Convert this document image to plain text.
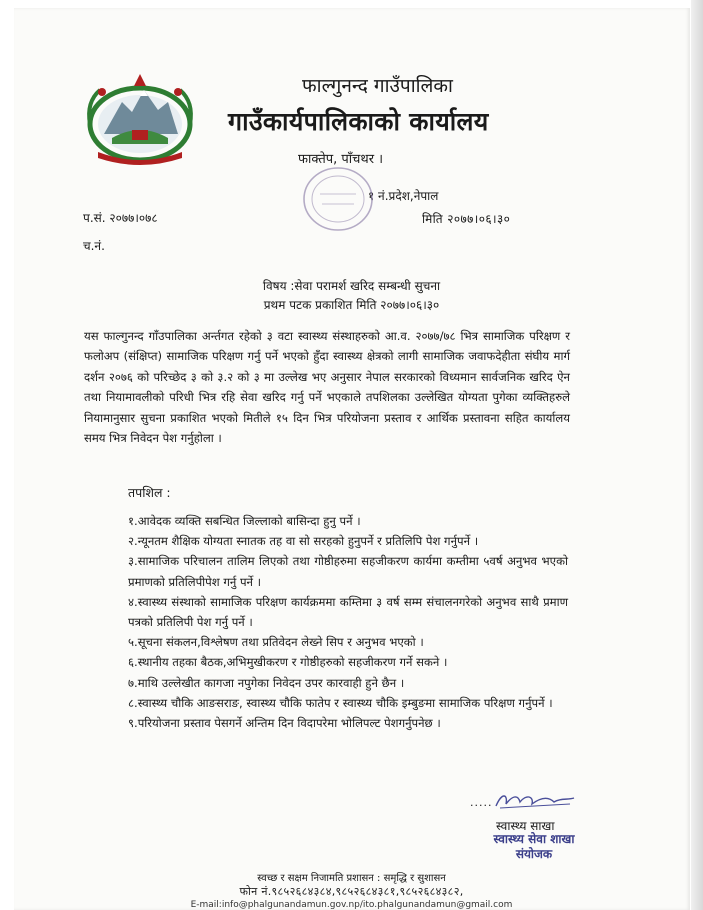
फाल्गुनन्द गाउँपालिका
गाउँकार्यपालिकाको कार्यालय
फाक्तेप, पाँचथर ।
१ नं.प्रदेश,नेपाल
प.सं. २०७७।०७८
च.नं.
मिति २०७७।०६।३०
विषय :सेवा परामर्श खरिद सम्बन्धी सुचना
प्रथम पटक प्रकाशित मिति २०७७।०६।३०
यस फाल्गुनन्द गाँउपालिका अर्न्तगत रहेको ३ वटा स्वास्थ्य संस्थाहरुको आ.व. २०७७/७८ भित्र सामाजिक परिक्षण र फलोअप (संक्षिप्त) सामाजिक परिक्षण गर्नु पर्ने भएको हुँदा स्वास्थ्य क्षेत्रको लागी सामाजिक जवाफदेहीता संघीय मार्ग दर्शन २०७६ को परिच्छेद ३ को ३.२ को ३ मा उल्लेख भए अनुसार नेपाल सरकारको विध्यमान सार्वजनिक खरिद ऐन तथा नियामावलीको परिधी भित्र रहि सेवा खरिद गर्नु पर्ने भएकाले तपशिलका उल्लेखित योग्यता पुगेका व्यक्तिहरुले नियामानुसार सुचना प्रकाशित भएको मितीले १५ दिन भित्र परियोजना प्रस्ताव र आर्थिक प्रस्तावना सहित कार्यालय समय भित्र निवेदन पेश गर्नुहोला ।
तपशिल :
१.आवेदक व्यक्ति सबन्धित जिल्लाको बासिन्दा हुनु पर्ने ।
२.न्यूनतम शैक्षिक योग्यता स्नातक तह वा सो सरहको हुनुपर्ने र प्रतिलिपि पेश गर्नुपर्ने ।
३.सामाजिक परिचालन तालिम लिएको तथा गोष्ठीहरुमा सहजीकरण कार्यमा कम्तीमा ५वर्ष अनुभव भएको प्रमाणको प्रतिलिपीपेश गर्नु पर्ने ।
४.स्वास्थ्य संस्थाको सामाजिक परिक्षण कार्यक्रममा कम्तिमा ३ वर्ष सम्म संचालनगरेको अनुभव साथै प्रमाण पत्रको प्रतिलिपी पेश गर्नु पर्ने ।
५.सूचना संकलन,विश्लेषण तथा प्रतिवेदन लेख्ने सिप र अनुभव भएको ।
६.स्थानीय तहका बैठक,अभिमुखीकरण र गोष्ठीहरुको सहजीकरण गर्ने सकने ।
७.माथि उल्लेखीत कागजा नपुगेका निवेदन उपर कारवाही हुने छैन ।
८.स्वास्थ्य चौकि आङसराङ, स्वास्थ्य चौकि फातेप र स्वास्थ्य चौकि इम्बुङमा सामाजिक परिक्षण गर्नुपर्ने ।
९.परियोजना प्रस्ताव पेसगर्ने अन्तिम दिन विदापरेमा भोलिपल्ट पेशगर्नुपनेछ ।
.....
स्वास्थ्य साखा
स्वास्थ्य सेवा शाखा
संयोजक
स्वच्छ र सक्षम निजामति प्रशासन : समृद्धि र सुशासन
फोन नं.९८५२६८४३८४,९८५२६८४३८१,९८५२६८४३८२,
E-mail:info@phalgunandamun.gov.np/ito.phalgunandamun@gmail.com
